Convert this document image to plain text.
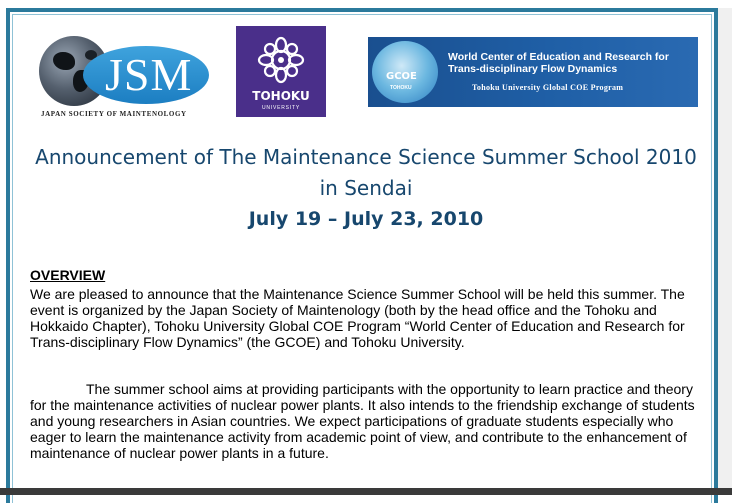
JSM
JAPAN SOCIETY OF MAINTENOLOGY
TOHOKU
UNIVERSITY
GCOE
TOHOKU
World Center of Education and Research for Trans-disciplinary Flow Dynamics
Tohoku University Global COE Program
Announcement of The Maintenance Science Summer School 2010
in Sendai
July 19 – July 23, 2010
OVERVIEW
We are pleased to announce that the Maintenance Science Summer School will be held this summer. The event is organized by the Japan Society of Maintenology (both by the head office and the Tohoku and Hokkaido Chapter), Tohoku University Global COE Program “World Center of Education and Research for Trans-disciplinary Flow Dynamics” (the GCOE) and Tohoku University.
The summer school aims at providing participants with the opportunity to learn practice and theory for the maintenance activities of nuclear power plants. It also intends to the friendship exchange of students and young researchers in Asian countries. We expect participations of graduate students especially who eager to learn the maintenance activity from academic point of view, and contribute to the enhancement of maintenance of nuclear power plants in a future.
